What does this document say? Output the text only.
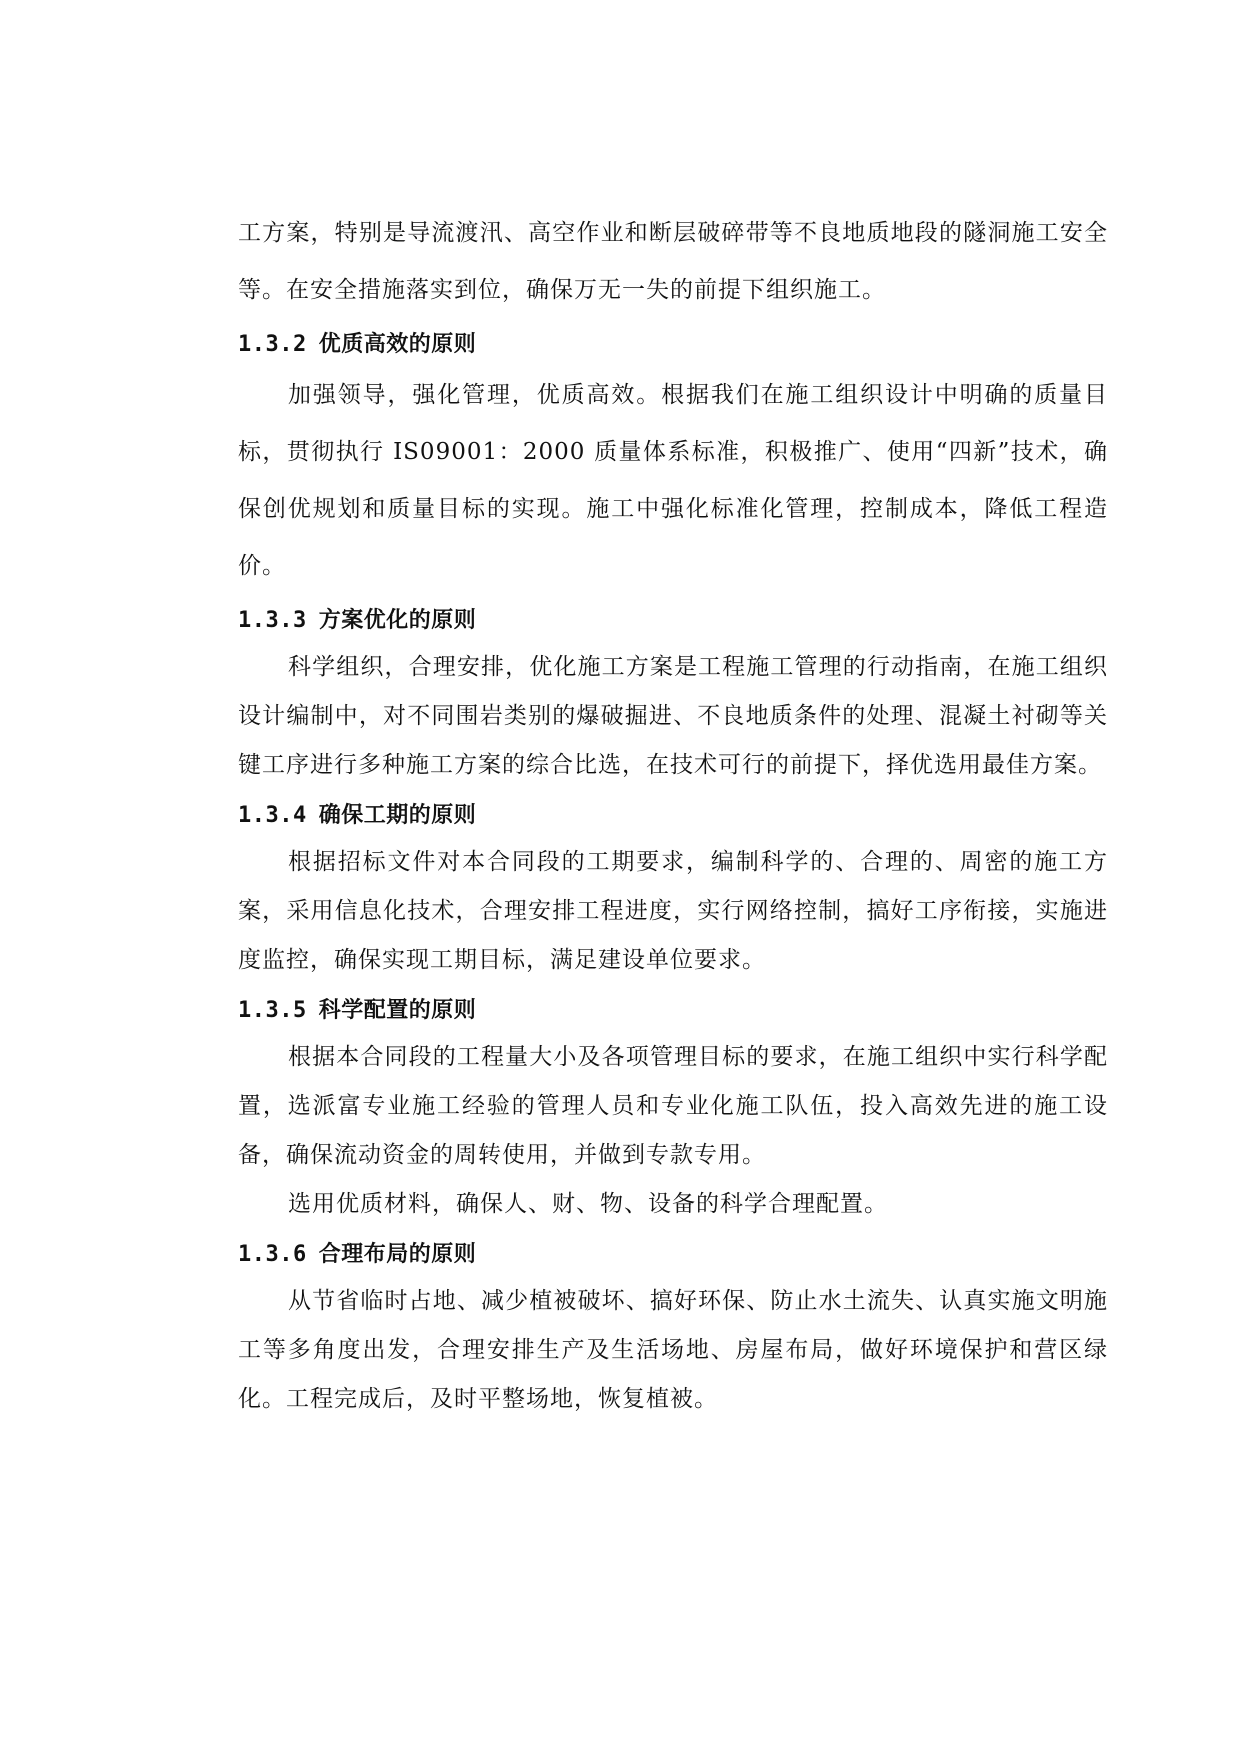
工方案，特别是导流渡汛、高空作业和断层破碎带等不良地质地段的隧洞施工安全等。在安全措施落实到位，确保万无一失的前提下组织施工。

1.3.2 优质高效的原则

加强领导，强化管理，优质高效。根据我们在施工组织设计中明确的质量目标，贯彻执行 IS09001：2000 质量体系标准，积极推广、使用“四新”技术，确保创优规划和质量目标的实现。施工中强化标准化管理，控制成本，降低工程造价。

1.3.3 方案优化的原则

科学组织，合理安排，优化施工方案是工程施工管理的行动指南，在施工组织设计编制中，对不同围岩类别的爆破掘进、不良地质条件的处理、混凝土衬砌等关键工序进行多种施工方案的综合比选，在技术可行的前提下，择优选用最佳方案。

1.3.4 确保工期的原则

根据招标文件对本合同段的工期要求，编制科学的、合理的、周密的施工方案，采用信息化技术，合理安排工程进度，实行网络控制，搞好工序衔接，实施进度监控，确保实现工期目标，满足建设单位要求。

1.3.5 科学配置的原则

根据本合同段的工程量大小及各项管理目标的要求，在施工组织中实行科学配置，选派富专业施工经验的管理人员和专业化施工队伍，投入高效先进的施工设备，确保流动资金的周转使用，并做到专款专用。

选用优质材料，确保人、财、物、设备的科学合理配置。

1.3.6 合理布局的原则

从节省临时占地、减少植被破坏、搞好环保、防止水土流失、认真实施文明施工等多角度出发，合理安排生产及生活场地、房屋布局，做好环境保护和营区绿化。工程完成后，及时平整场地，恢复植被。
